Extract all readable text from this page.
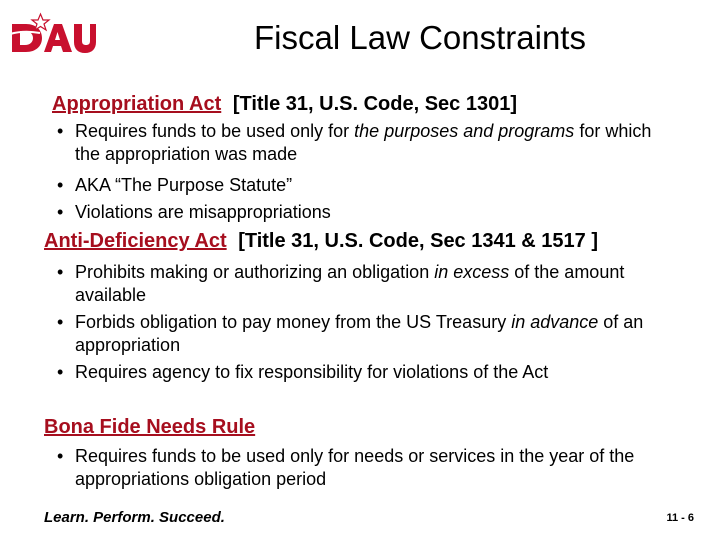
Fiscal Law Constraints

Appropriation Act [Title 31, U.S. Code, Sec 1301]

• Requires funds to be used only for the purposes and programs for which the appropriation was made
• AKA “The Purpose Statute”
• Violations are misappropriations

Anti-Deficiency Act [Title 31, U.S. Code, Sec 1341 & 1517 ]

• Prohibits making or authorizing an obligation in excess of the amount available
• Forbids obligation to pay money from the US Treasury in advance of an appropriation
• Requires agency to fix responsibility for violations of the Act

Bona Fide Needs Rule

• Requires funds to be used only for needs or services in the year of the appropriations obligation period
Learn. Perform. Succeed.	11 - 6
